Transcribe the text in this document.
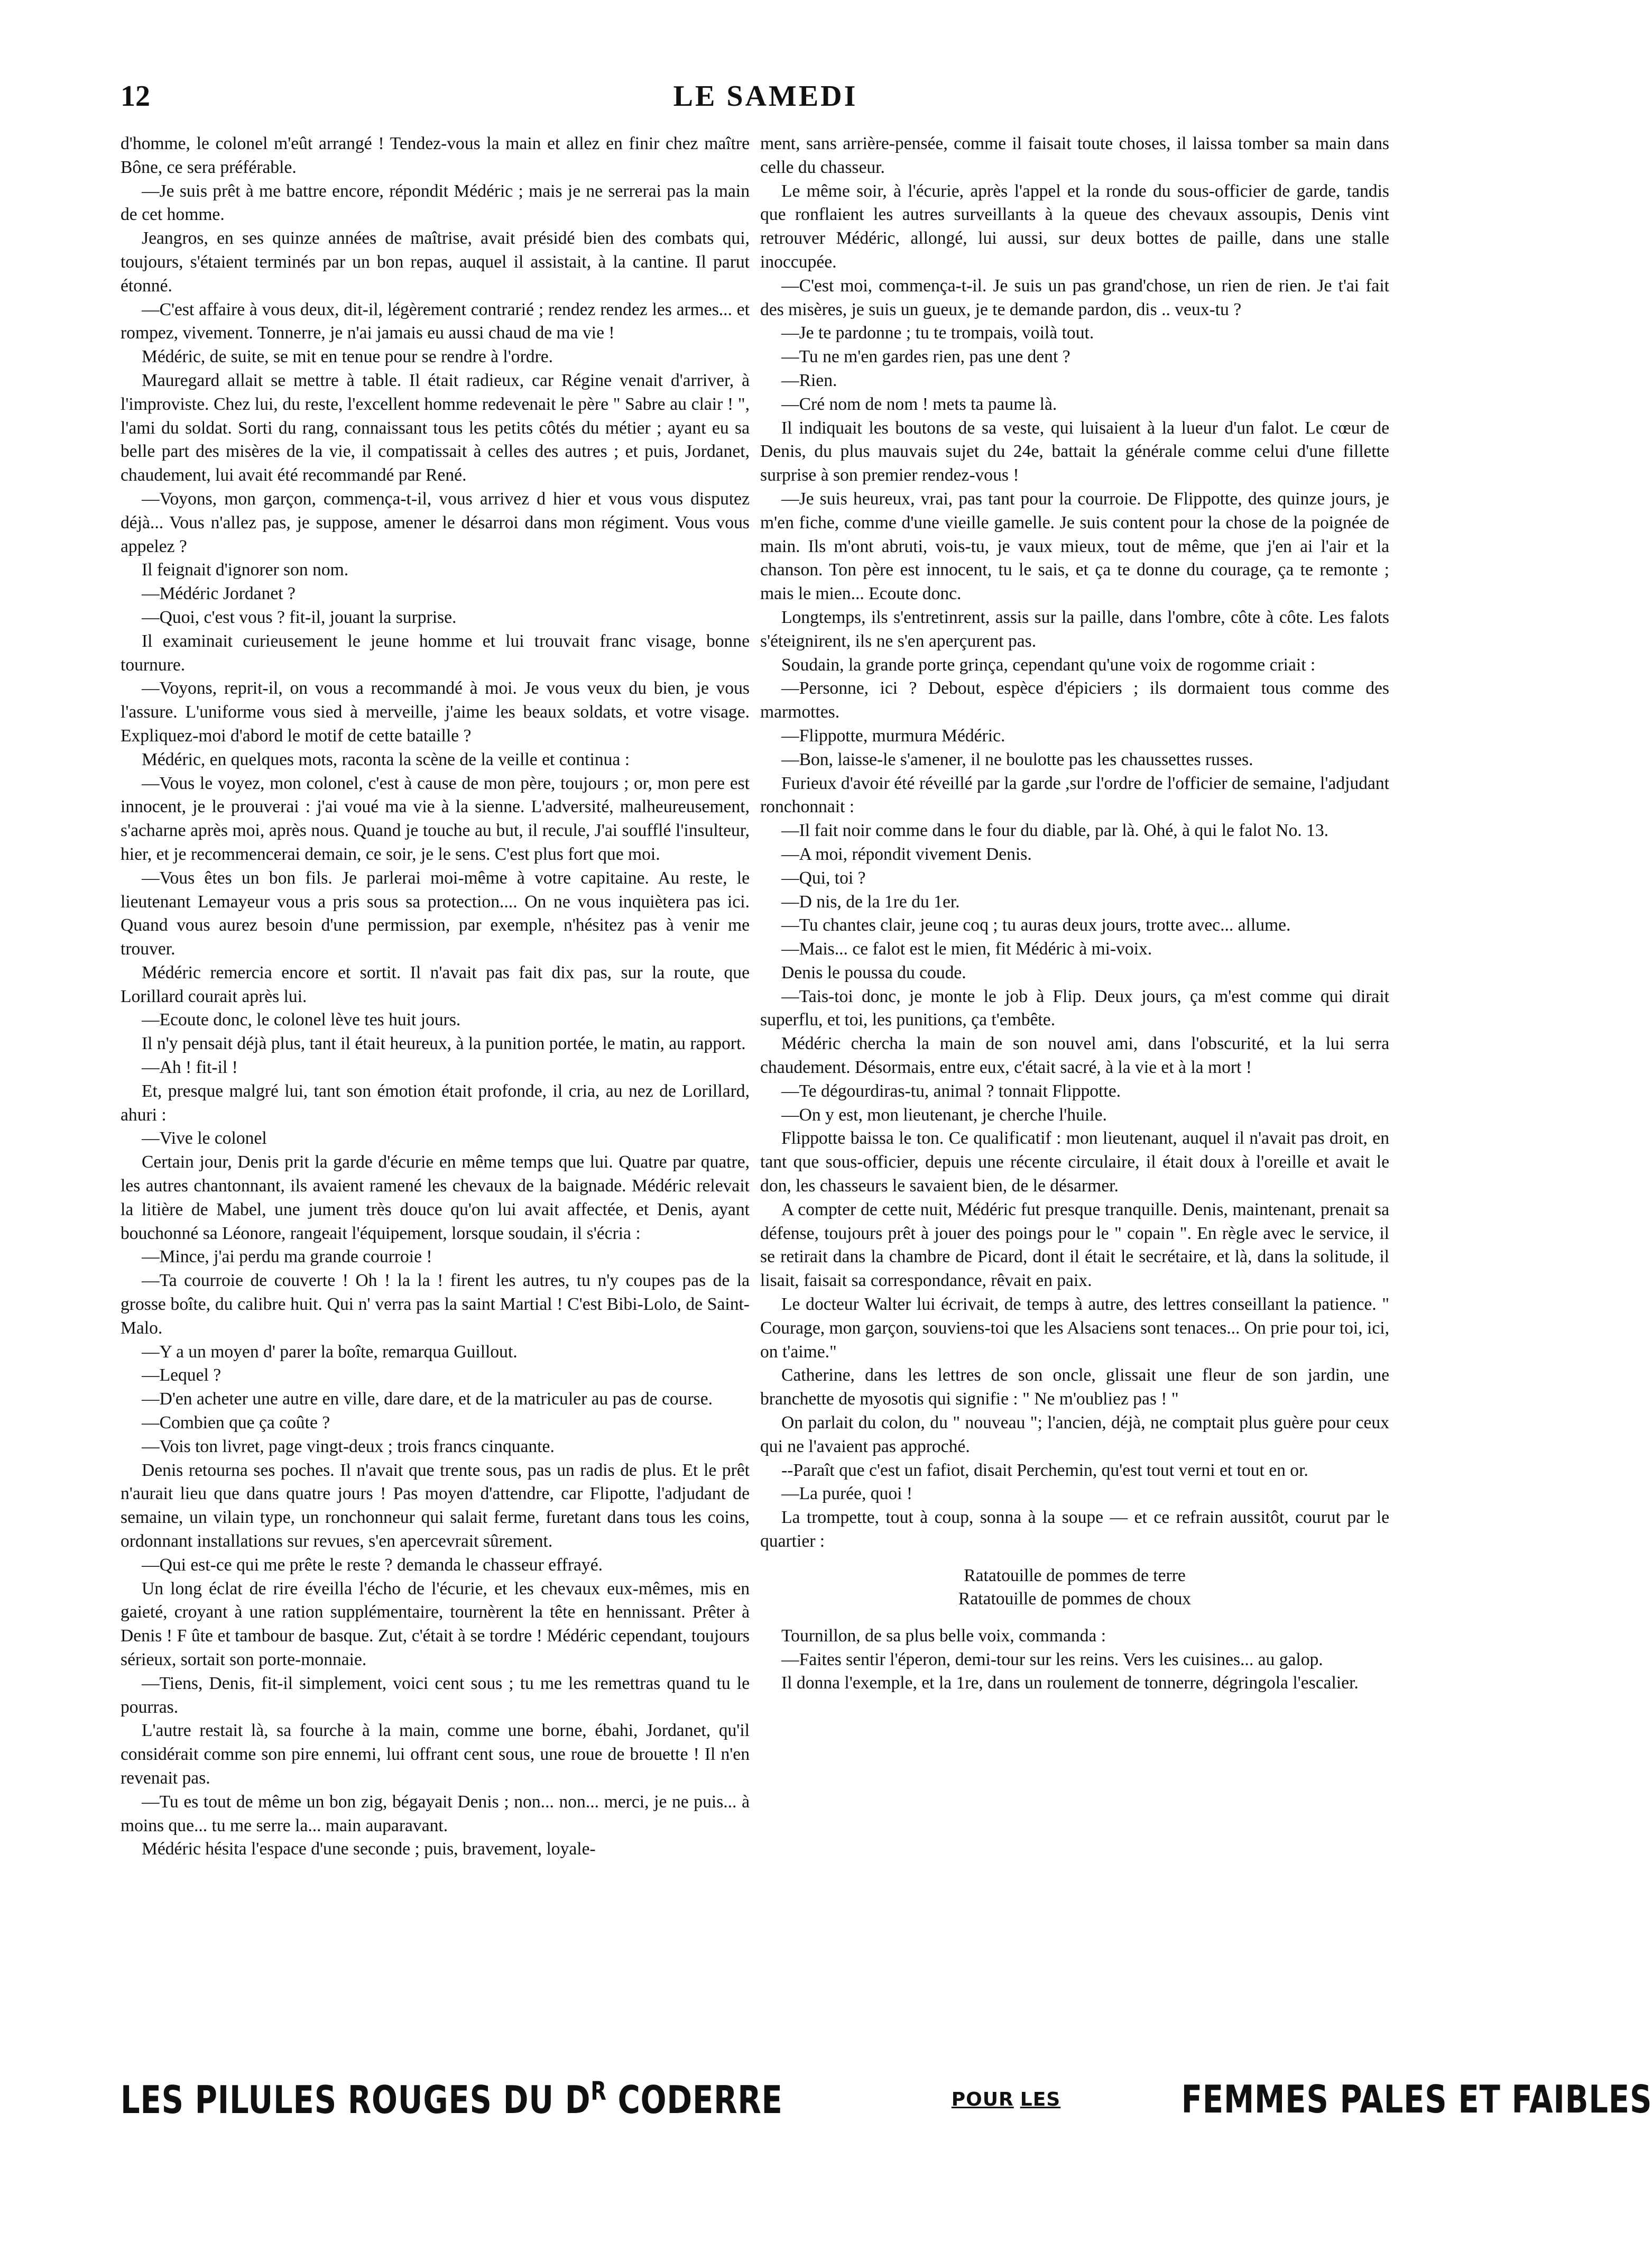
12	LE SAMEDI

d'homme, le colonel m'eût arrangé ! Tendez-vous la main et allez en finir chez maître Bône, ce sera préférable.

—Je suis prêt à me battre encore, répondit Médéric ; mais je ne serrerai pas la main de cet homme.

Jeangros, en ses quinze années de maîtrise, avait présidé bien des combats qui, toujours, s'étaient terminés par un bon repas, auquel il assistait, à la cantine. Il parut étonné.

—C'est affaire à vous deux, dit-il, légèrement contrarié ; rendez rendez les armes... et rompez, vivement. Tonnerre, je n'ai jamais eu aussi chaud de ma vie !

Médéric, de suite, se mit en tenue pour se rendre à l'ordre.

Mauregard allait se mettre à table. Il était radieux, car Régine venait d'arriver, à l'improviste. Chez lui, du reste, l'excellent homme redevenait le père " Sabre au clair ! ", l'ami du soldat. Sorti du rang, connaissant tous les petits côtés du métier ; ayant eu sa belle part des misères de la vie, il compatissait à celles des autres ; et puis, Jordanet, chaudement, lui avait été recommandé par René.

—Voyons, mon garçon, commença-t-il, vous arrivez d hier et vous vous disputez déjà... Vous n'allez pas, je suppose, amener le désarroi dans mon régiment. Vous vous appelez ?

Il feignait d'ignorer son nom.

—Médéric Jordanet ?

—Quoi, c'est vous ? fit-il, jouant la surprise.

Il examinait curieusement le jeune homme et lui trouvait franc visage, bonne tournure.

—Voyons, reprit-il, on vous a recommandé à moi. Je vous veux du bien, je vous l'assure. L'uniforme vous sied à merveille, j'aime les beaux soldats, et votre visage. Expliquez-moi d'abord le motif de cette bataille ?

Médéric, en quelques mots, raconta la scène de la veille et continua :

—Vous le voyez, mon colonel, c'est à cause de mon père, toujours ; or, mon pere est innocent, je le prouverai : j'ai voué ma vie à la sienne. L'adversité, malheureusement, s'acharne après moi, après nous. Quand je touche au but, il recule, J'ai soufflé l'insulteur, hier, et je recommencerai demain, ce soir, je le sens. C'est plus fort que moi.

—Vous êtes un bon fils. Je parlerai moi-même à votre capitaine. Au reste, le lieutenant Lemayeur vous a pris sous sa protection.... On ne vous inquiètera pas ici. Quand vous aurez besoin d'une permission, par exemple, n'hésitez pas à venir me trouver.

Médéric remercia encore et sortit. Il n'avait pas fait dix pas, sur la route, que Lorillard courait après lui.

—Ecoute donc, le colonel lève tes huit jours.

Il n'y pensait déjà plus, tant il était heureux, à la punition portée, le matin, au rapport.

—Ah ! fit-il !

Et, presque malgré lui, tant son émotion était profonde, il cria, au nez de Lorillard, ahuri :

—Vive le colonel

Certain jour, Denis prit la garde d'écurie en même temps que lui. Quatre par quatre, les autres chantonnant, ils avaient ramené les chevaux de la baignade. Médéric relevait la litière de Mabel, une jument très douce qu'on lui avait affectée, et Denis, ayant bouchonné sa Léonore, rangeait l'équipement, lorsque soudain, il s'écria :

—Mince, j'ai perdu ma grande courroie !

—Ta courroie de couverte ! Oh ! la la ! firent les autres, tu n'y coupes pas de la grosse boîte, du calibre huit. Qui n' verra pas la saint Martial ! C'est Bibi-Lolo, de Saint-Malo.

—Y a un moyen d' parer la boîte, remarqua Guillout.

—Lequel ?

—D'en acheter une autre en ville, dare dare, et de la matriculer au pas de course.

—Combien que ça coûte ?

—Vois ton livret, page vingt-deux ; trois francs cinquante.

Denis retourna ses poches. Il n'avait que trente sous, pas un radis de plus. Et le prêt n'aurait lieu que dans quatre jours ! Pas moyen d'attendre, car Flipotte, l'adjudant de semaine, un vilain type, un ronchonneur qui salait ferme, furetant dans tous les coins, ordonnant installations sur revues, s'en apercevrait sûrement.

—Qui est-ce qui me prête le reste ? demanda le chasseur effrayé.

Un long éclat de rire éveilla l'écho de l'écurie, et les chevaux eux-mêmes, mis en gaieté, croyant à une ration supplémentaire, tournèrent la tête en hennissant. Prêter à Denis ! F ûte et tambour de basque. Zut, c'était à se tordre ! Médéric cependant, toujours sérieux, sortait son porte-monnaie.

—Tiens, Denis, fit-il simplement, voici cent sous ; tu me les remettras quand tu le pourras.

L'autre restait là, sa fourche à la main, comme une borne, ébahi, Jordanet, qu'il considérait comme son pire ennemi, lui offrant cent sous, une roue de brouette ! Il n'en revenait pas.

—Tu es tout de même un bon zig, bégayait Denis ; non... non... merci, je ne puis... à moins que... tu me serre la... main auparavant.

Médéric hésita l'espace d'une seconde ; puis, bravement, loyale-

ment, sans arrière-pensée, comme il faisait toute choses, il laissa tomber sa main dans celle du chasseur.

Le même soir, à l'écurie, après l'appel et la ronde du sous-officier de garde, tandis que ronflaient les autres surveillants à la queue des chevaux assoupis, Denis vint retrouver Médéric, allongé, lui aussi, sur deux bottes de paille, dans une stalle inoccupée.

—C'est moi, commença-t-il. Je suis un pas grand'chose, un rien de rien. Je t'ai fait des misères, je suis un gueux, je te demande pardon, dis .. veux-tu ?

—Je te pardonne ; tu te trompais, voilà tout.

—Tu ne m'en gardes rien, pas une dent ?

—Rien.

—Cré nom de nom ! mets ta paume là.

Il indiquait les boutons de sa veste, qui luisaient à la lueur d'un falot. Le cœur de Denis, du plus mauvais sujet du 24e, battait la générale comme celui d'une fillette surprise à son premier rendez-vous !

—Je suis heureux, vrai, pas tant pour la courroie. De Flippotte, des quinze jours, je m'en fiche, comme d'une vieille gamelle. Je suis content pour la chose de la poignée de main. Ils m'ont abruti, vois-tu, je vaux mieux, tout de même, que j'en ai l'air et la chanson. Ton père est innocent, tu le sais, et ça te donne du courage, ça te remonte ; mais le mien... Ecoute donc.

Longtemps, ils s'entretinrent, assis sur la paille, dans l'ombre, côte à côte. Les falots s'éteignirent, ils ne s'en aperçurent pas.

Soudain, la grande porte grinça, cependant qu'une voix de rogomme criait :

—Personne, ici ? Debout, espèce d'épiciers ; ils dormaient tous comme des marmottes.

—Flippotte, murmura Médéric.

—Bon, laisse-le s'amener, il ne boulotte pas les chaussettes russes.

Furieux d'avoir été réveillé par la garde ,sur l'ordre de l'officier de semaine, l'adjudant ronchonnait :

—Il fait noir comme dans le four du diable, par là. Ohé, à qui le falot No. 13.

—A moi, répondit vivement Denis.

—Qui, toi ?

—D nis, de la 1re du 1er.

—Tu chantes clair, jeune coq ; tu auras deux jours, trotte avec... allume.

—Mais... ce falot est le mien, fit Médéric à mi-voix.

Denis le poussa du coude.

—Tais-toi donc, je monte le job à Flip. Deux jours, ça m'est comme qui dirait superflu, et toi, les punitions, ça t'embête.

Médéric chercha la main de son nouvel ami, dans l'obscurité, et la lui serra chaudement. Désormais, entre eux, c'était sacré, à la vie et à la mort !

—Te dégourdiras-tu, animal ? tonnait Flippotte.

—On y est, mon lieutenant, je cherche l'huile.

Flippotte baissa le ton. Ce qualificatif : mon lieutenant, auquel il n'avait pas droit, en tant que sous-officier, depuis une récente circulaire, il était doux à l'oreille et avait le don, les chasseurs le savaient bien, de le désarmer.

A compter de cette nuit, Médéric fut presque tranquille. Denis, maintenant, prenait sa défense, toujours prêt à jouer des poings pour le " copain ". En règle avec le service, il se retirait dans la chambre de Picard, dont il était le secrétaire, et là, dans la solitude, il lisait, faisait sa correspondance, rêvait en paix.

Le docteur Walter lui écrivait, de temps à autre, des lettres conseillant la patience. " Courage, mon garçon, souviens-toi que les Alsaciens sont tenaces... On prie pour toi, ici, on t'aime."

Catherine, dans les lettres de son oncle, glissait une fleur de son jardin, une branchette de myosotis qui signifie : " Ne m'oubliez pas ! "

On parlait du colon, du " nouveau "; l'ancien, déjà, ne comptait plus guère pour ceux qui ne l'avaient pas approché.

--Paraît que c'est un fafiot, disait Perchemin, qu'est tout verni et tout en or.

—La purée, quoi !

La trompette, tout à coup, sonna à la soupe — et ce refrain aussitôt, courut par le quartier :

Ratatouille de pommes de terre
Ratatouille de pommes de choux

Tournillon, de sa plus belle voix, commanda :

—Faites sentir l'éperon, demi-tour sur les reins. Vers les cuisines... au galop.

Il donna l'exemple, et la 1re, dans un roulement de tonnerre, dégringola l'escalier.

LES PILULES ROUGES DU $D^R$ CODERRE	POUR LES	FEMMES PALES ET FAIBLES
